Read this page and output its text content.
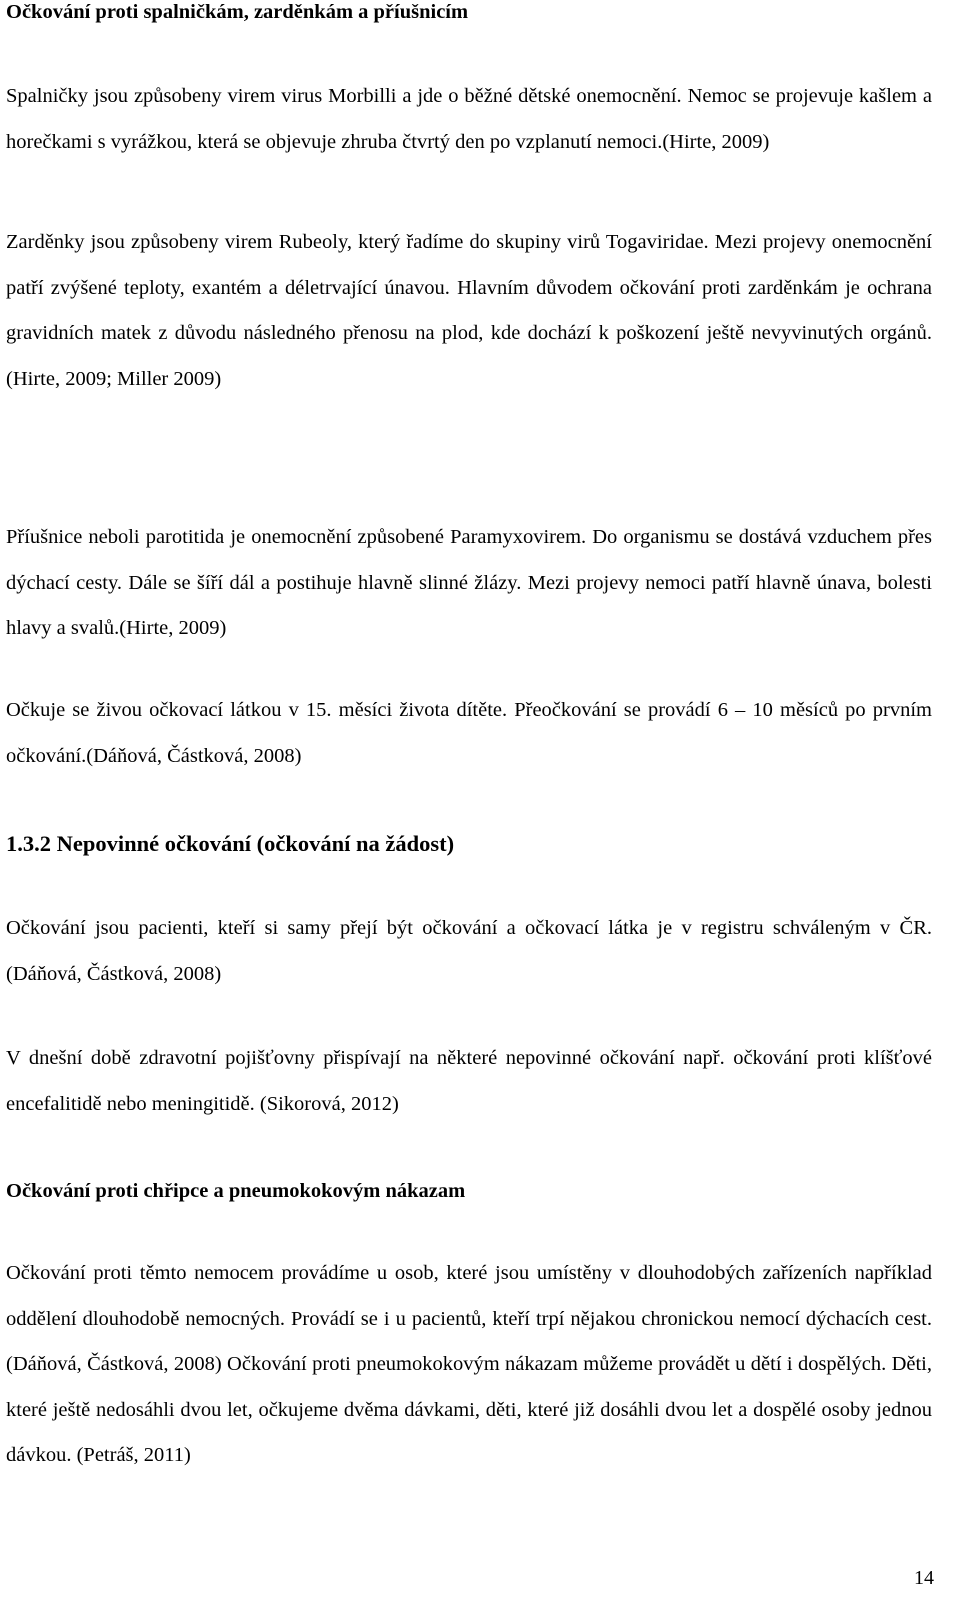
Očkování proti spalničkám, zarděnkám a příušnicím

Spalničky jsou způsobeny virem virus Morbilli a jde o běžné dětské onemocnění. Nemoc se projevuje kašlem a horečkami s vyrážkou, která se objevuje zhruba čtvrtý den po vzplanutí nemoci.(Hirte, 2009)

Zarděnky jsou způsobeny virem Rubeoly, který řadíme do skupiny virů Togaviridae. Mezi projevy onemocnění patří zvýšené teploty, exantém a déletrvající únavou. Hlavním důvodem očkování proti zarděnkám je ochrana gravidních matek z důvodu následného přenosu na plod, kde dochází k poškození ještě nevyvinutých orgánů.(Hirte, 2009; Miller 2009)

Příušnice neboli parotitida je onemocnění způsobené Paramyxovirem. Do organismu se dostává vzduchem přes dýchací cesty. Dále se šíří dál a postihuje hlavně slinné žlázy. Mezi projevy nemoci patří hlavně únava, bolesti hlavy a svalů.(Hirte, 2009)

Očkuje se živou očkovací látkou v 15. měsíci života dítěte. Přeočkování se provádí 6 – 10 měsíců po prvním očkování.(Dáňová, Částková, 2008)

1.3.2 Nepovinné očkování (očkování na žádost)

Očkování jsou pacienti, kteří si samy přejí být očkování a očkovací látka je v registru schváleným v ČR. (Dáňová, Částková, 2008)

V dnešní době zdravotní pojišťovny přispívají na některé nepovinné očkování např. očkování proti klíšťové encefalitidě nebo meningitidě. (Sikorová, 2012)

Očkování proti chřipce a pneumokokovým nákazam

Očkování proti těmto nemocem provádíme u osob, které jsou umístěny v dlouhodobých zařízeních například oddělení dlouhodobě nemocných. Provádí se i u pacientů, kteří trpí nějakou chronickou nemocí dýchacích cest. (Dáňová, Částková, 2008) Očkování proti pneumokokovým nákazam můžeme provádět u dětí i dospělých. Děti, které ještě nedosáhli dvou let, očkujeme dvěma dávkami, děti, které již dosáhli dvou let a dospělé osoby jednou dávkou. (Petráš, 2011)

14
